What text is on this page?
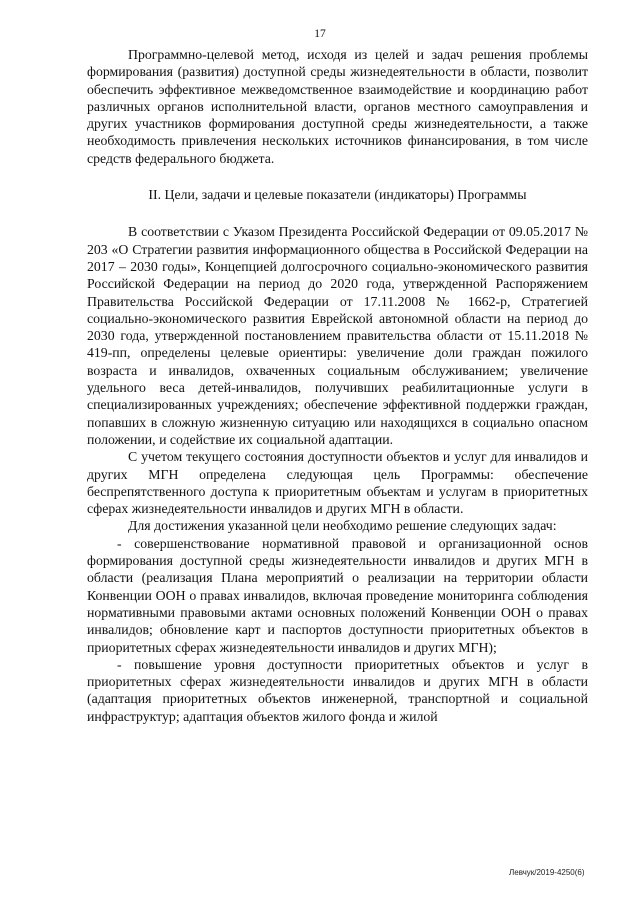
17

Программно-целевой метод, исходя из целей и задач решения проблемы формирования (развития) доступной среды жизнедеятельности в области, позволит обеспечить эффективное межведомственное взаимодействие и координацию работ различных органов исполнительной власти, органов местного самоуправления и других участников формирования доступной среды жизнедеятельности, а также необходимость привлечения нескольких источников финансирования, в том числе средств федерального бюджета.

II. Цели, задачи и целевые показатели (индикаторы) Программы

В соответствии с Указом Президента Российской Федерации от 09.05.2017 № 203 «О Стратегии развития информационного общества в Российской Федерации на 2017 – 2030 годы», Концепцией долгосрочного социально-экономического развития Российской Федерации на период до 2020 года, утвержденной Распоряжением Правительства Российской Федерации от 17.11.2008 № 1662-р, Стратегией социально-экономического развития Еврейской автономной области на период до 2030 года, утвержденной постановлением правительства области от 15.11.2018 № 419-пп, определены целевые ориентиры: увеличение доли граждан пожилого возраста и инвалидов, охваченных социальным обслуживанием; увеличение удельного веса детей-инвалидов, получивших реабилитационные услуги в специализированных учреждениях; обеспечение эффективной поддержки граждан, попавших в сложную жизненную ситуацию или находящихся в социально опасном положении, и содействие их социальной адаптации.

С учетом текущего состояния доступности объектов и услуг для инвалидов и других МГН определена следующая цель Программы: обеспечение беспрепятственного доступа к приоритетным объектам и услугам в приоритетных сферах жизнедеятельности инвалидов и других МГН в области.

Для достижения указанной цели необходимо решение следующих задач:

- совершенствование нормативной правовой и организационной основ формирования доступной среды жизнедеятельности инвалидов и других МГН в области (реализация Плана мероприятий о реализации на территории области Конвенции ООН о правах инвалидов, включая проведение мониторинга соблюдения нормативными правовыми актами основных положений Конвенции ООН о правах инвалидов; обновление карт и паспортов доступности приоритетных объектов в приоритетных сферах жизнедеятельности инвалидов и других МГН);

- повышение уровня доступности приоритетных объектов и услуг в приоритетных сферах жизнедеятельности инвалидов и других МГН в области (адаптация приоритетных объектов инженерной, транспортной и социальной инфраструктур; адаптация объектов жилого фонда и жилой

Левчук/2019-4250(6)
